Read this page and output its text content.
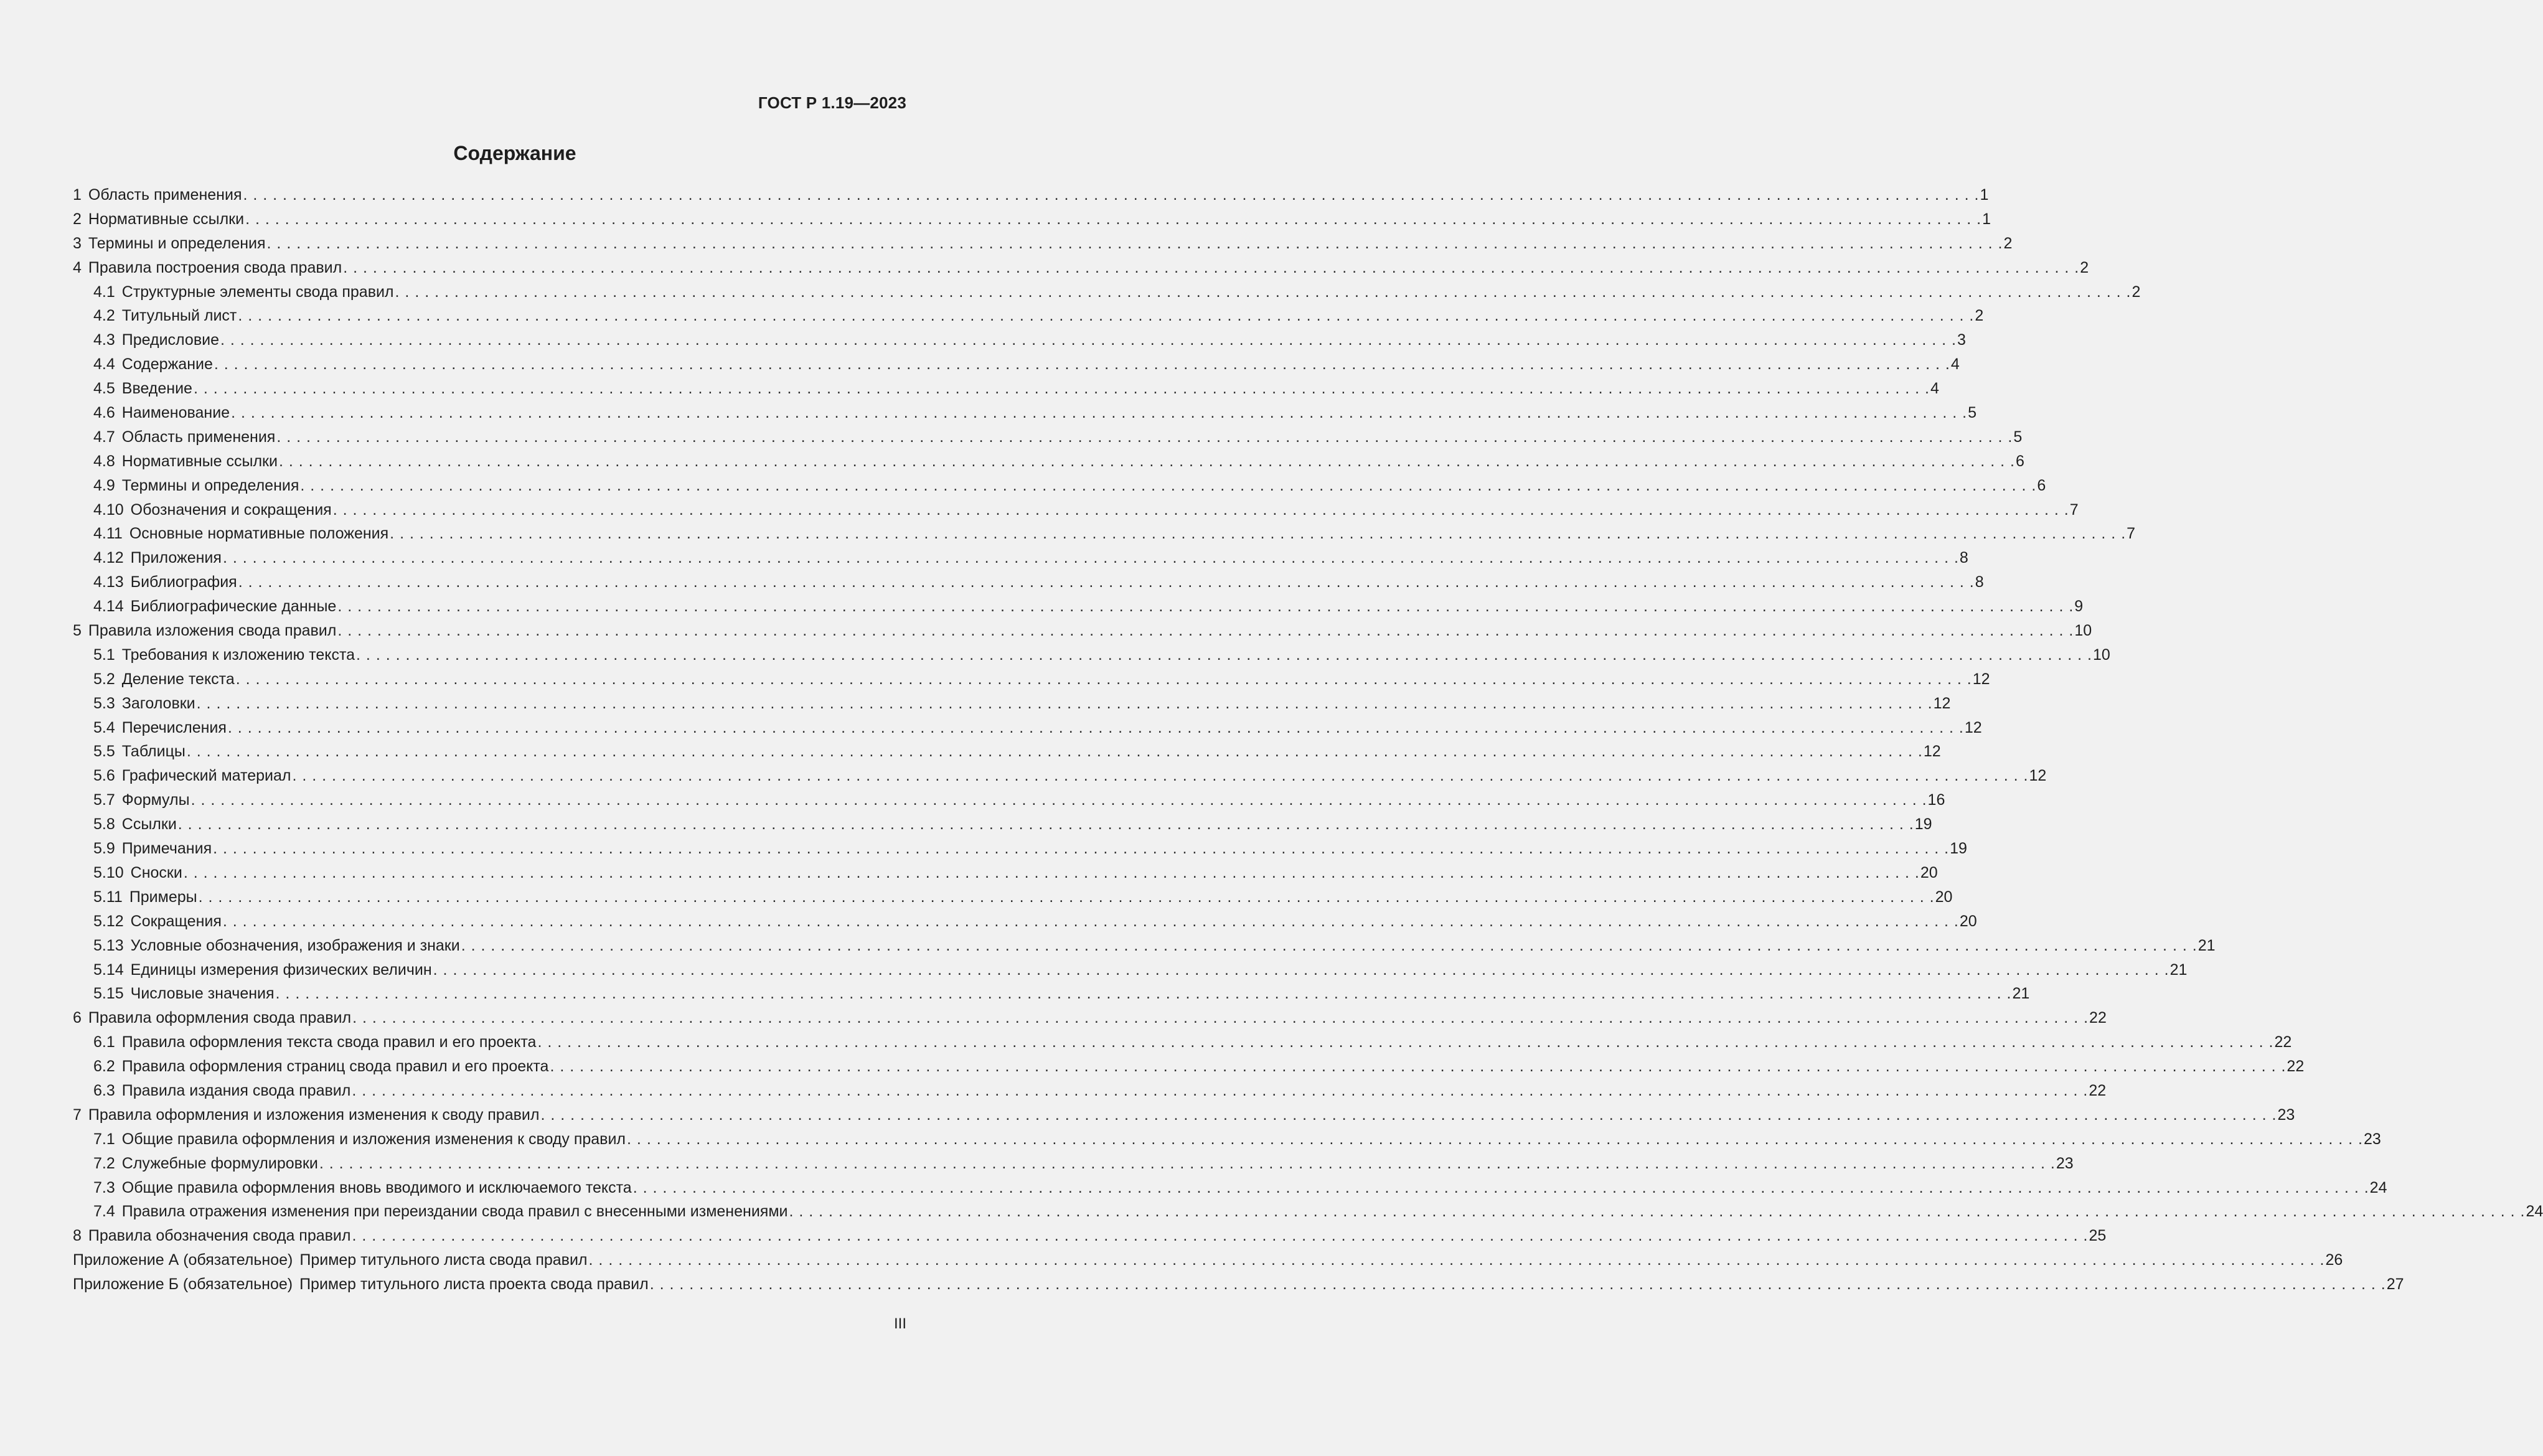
ГОСТ Р 1.19—2023
Содержание
1 Область применения . . .	1
2 Нормативные ссылки . . .	1
3 Термины и определения . . .	2
4 Правила построения свода правил . . .	2
4.1 Структурные элементы свода правил . . .	2
4.2 Титульный лист . . .	2
4.3 Предисловие . . .	3
4.4 Содержание . . .	4
4.5 Введение . . .	4
4.6 Наименование . . .	5
4.7 Область применения . . .	5
4.8 Нормативные ссылки . . .	6
4.9 Термины и определения . . .	6
4.10 Обозначения и сокращения . . .	7
4.11 Основные нормативные положения . . .	7
4.12 Приложения . . .	8
4.13 Библиография . . .	8
4.14 Библиографические данные . . .	9
5 Правила изложения свода правил . . .	10
5.1 Требования к изложению текста . . .	10
5.2 Деление текста . . .	12
5.3 Заголовки . . .	12
5.4 Перечисления . . .	12
5.5 Таблицы . . .	12
5.6 Графический материал . . .	12
5.7 Формулы . . .	16
5.8 Ссылки . . .	19
5.9 Примечания . . .	19
5.10 Сноски . . .	20
5.11 Примеры . . .	20
5.12 Сокращения . . .	20
5.13 Условные обозначения, изображения и знаки . . .	21
5.14 Единицы измерения физических величин . . .	21
5.15 Числовые значения . . .	21
6 Правила оформления свода правил . . .	22
6.1 Правила оформления текста свода правил и его проекта . . .	22
6.2 Правила оформления страниц свода правил и его проекта . . .	22
6.3 Правила издания свода правил . . .	22
7 Правила оформления и изложения изменения к своду правил . . .	23
7.1 Общие правила оформления и изложения изменения к своду правил . . .	23
7.2 Служебные формулировки . . .	23
7.3 Общие правила оформления вновь вводимого и исключаемого текста . . .	24
7.4 Правила отражения изменения при переиздании свода правил с внесенными изменениями . . .	24
8 Правила обозначения свода правил . . .	25
Приложение А (обязательное) Пример титульного листа свода правил . . .	26
Приложение Б (обязательное) Пример титульного листа проекта свода правил . . .	27
III
